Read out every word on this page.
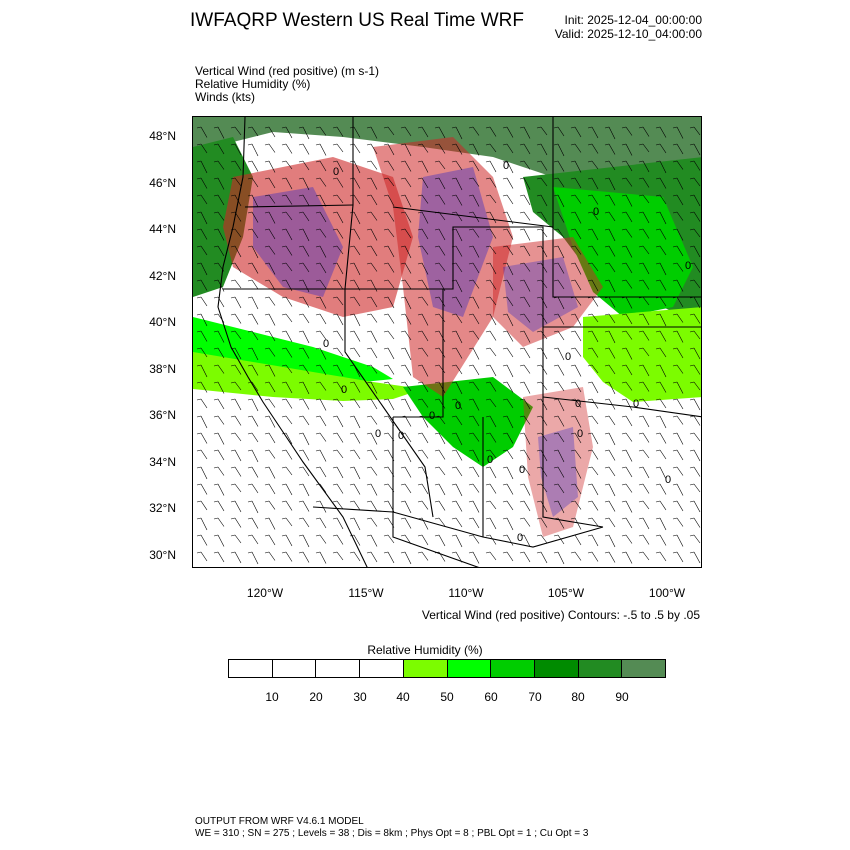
IWFAQRP Western US Real Time WRF	Init: 2025-12-04_00:00:00
Valid: 2025-12-10_04:00:00
Vertical Wind (red positive) (m s-1)
Relative Humidity (%)
Winds (kts)
0	0
0
0
0
0
0
0 0
0
0
0
0
0
0
0
0
0
48°N
46°N
44°N
42°N
40°N
38°N
36°N
34°N
32°N
30°N
120°W	115°W	110°W	105°W	100°W
Vertical Wind (red positive) Contours: -.5 to .5 by .05
Relative Humidity (%)
10	20	30	40	50	60	70	80	90
OUTPUT FROM WRF V4.6.1 MODEL
WE = 310 ; SN = 275 ; Levels = 38 ; Dis = 8km ; Phys Opt = 8 ; PBL Opt = 1 ; Cu Opt = 3
